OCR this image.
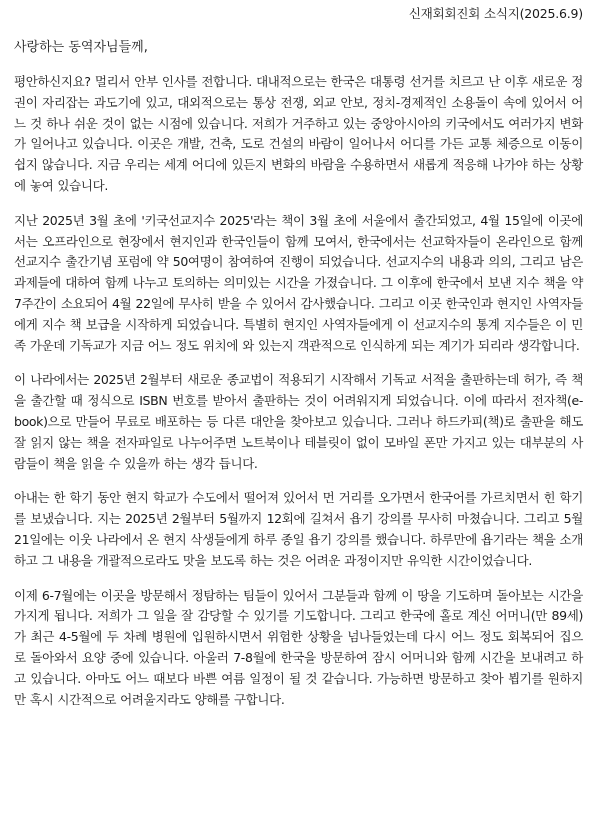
신재회회진회 소식지(2025.6.9)
사랑하는 동역자님들께,

평안하신지요? 멀리서 안부 인사를 전합니다. 대내적으로는 한국은 대통령 선거를 치르고 난 이후 새로운 정권이 자리잡는 과도기에 있고, 대외적으로는 통상 전쟁, 외교 안보, 정치-경제적인 소용돌이 속에 있어서 어느 것 하나 쉬운 것이 없는 시점에 있습니다. 저희가 거주하고 있는 중앙아시아의 키국에서도 여러가지 변화가 일어나고 있습니다. 이곳은 개발, 건축, 도로 건설의 바람이 일어나서 어디를 가든 교통 체증으로 이동이 쉽지 않습니다. 지금 우리는 세계 어디에 있든지 변화의 바람을 수용하면서 새롭게 적응해 나가야 하는 상황에 놓여 있습니다.

지난 2025년 3월 초에 '키국선교지수 2025'라는 책이 3월 초에 서울에서 출간되었고, 4월 15일에 이곳에서는 오프라인으로 현장에서 현지인과 한국인들이 함께 모여서, 한국에서는 선교학자들이 온라인으로 함께 선교지수 출간기념 포럼에 약 50여명이 참여하여 진행이 되었습니다. 선교지수의 내용과 의의, 그리고 남은 과제들에 대하여 함께 나누고 토의하는 의미있는 시간을 가졌습니다. 그 이후에 한국에서 보낸 지수 책을 약 7주간이 소요되어 4월 22일에 무사히 받을 수 있어서 감사했습니다. 그리고 이곳 한국인과 현지인 사역자들에게 지수 책 보급을 시작하게 되었습니다. 특별히 현지인 사역자들에게 이 선교지수의 통계 지수들은 이 민족 가운데 기독교가 지금 어느 정도 위치에 와 있는지 객관적으로 인식하게 되는 계기가 되리라 생각합니다.

이 나라에서는 2025년 2월부터 새로운 종교법이 적용되기 시작해서 기독교 서적을 출판하는데 허가, 즉 책을 출간할 때 정식으로 ISBN 번호를 받아서 출판하는 것이 어려워지게 되었습니다. 이에 따라서 전자책(e-book)으로 만들어 무료로 배포하는 등 다른 대안을 찾아보고 있습니다. 그러나 하드카피(책)로 출판을 해도 잘 읽지 않는 책을 전자파일로 나누어주면 노트북이나 테블릿이 없이 모바일 폰만 가지고 있는 대부분의 사람들이 책을 읽을 수 있을까 하는 생각 듭니다.

아내는 한 학기 동안 현지 학교가 수도에서 떨어져 있어서 먼 거리를 오가면서 한국어를 가르치면서 힌 학기를 보냈습니다. 지는 2025년 2월부터 5월까지 12회에 길쳐서 욥기 강의를 무사히 마쳤습니다. 그리고 5월 21일에는 이웃 나라에서 온 현지 삭생들에게 하루 종일 욥기 강의를 했습니다. 하루만에 욥기라는 책을 소개하고 그 내용을 개괄적으로라도 맛을 보도록 하는 것은 어려운 과정이지만 유익한 시간이었습니다.

이제 6-7월에는 이곳을 방문해서 정탐하는 팀들이 있어서 그분들과 함께 이 땅을 기도하며 돌아보는 시간을 가지게 됩니다. 저희가 그 일을 잘 감당할 수 있기를 기도합니다. 그리고 한국에 홀로 계신 어머니(만 89세)가 최근 4-5월에 두 차례 병원에 입원하시면서 위험한 상황을 넘나들었는데 다시 어느 정도 회복되어 집으로 돌아와서 요양 중에 있습니다. 아울러 7-8월에 한국을 방문하여 잠시 어머니와 함께 시간을 보내려고 하고 있습니다. 아마도 어느 때보다 바쁜 여름 일정이 될 것 같습니다. 가능하면 방문하고 찾아 뵙기를 원하지만 혹시 시간적으로 어려울지라도 양해를 구합니다.
